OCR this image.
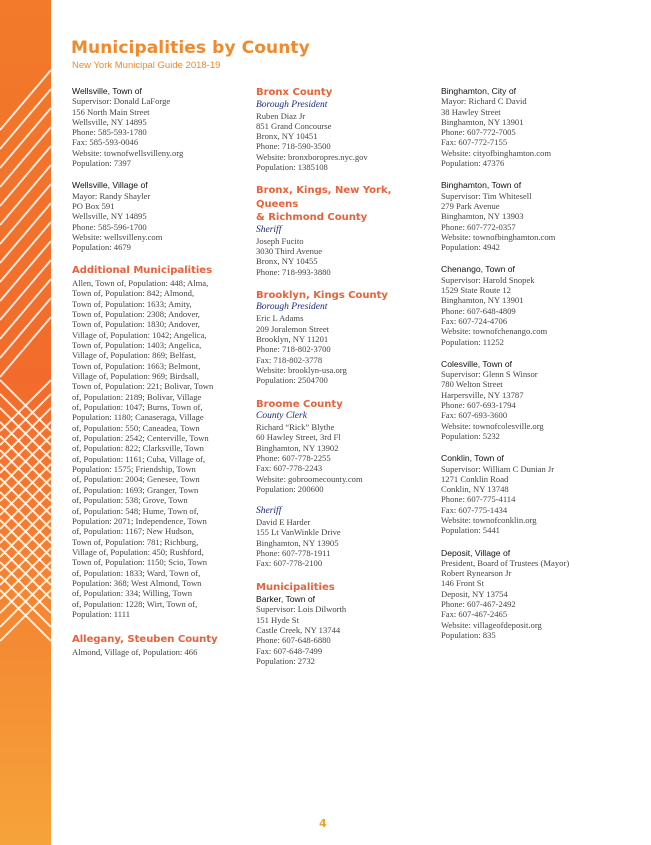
Municipalities by County
New York Municipal Guide 2018-19
Wellsville, Town of
Supervisor: Donald LaForge
156 North Main Street
Wellsville, NY 14895
Phone: 585-593-1780
Fax: 585-593-0046
Website: townofwellsvilleny.org
Population: 7397
Wellsville, Village of
Mayor: Randy Shayler
PO Box 591
Wellsville, NY 14895
Phone: 585-596-1700
Website: wellsvilleny.com
Population: 4679
Additional Municipalities
Allen, Town of, Population: 448; Alma,
Town of, Population: 842; Almond,
Town of, Population: 1633; Amity,
Town of, Population: 2308; Andover,
Town of, Population: 1830; Andover,
Village of, Population: 1042; Angelica,
Town of, Population: 1403; Angelica,
Village of, Population: 869; Belfast,
Town of, Population: 1663; Belmont,
Village of, Population: 969; Birdsall,
Town of, Population: 221; Bolivar, Town
of, Population: 2189; Bolivar, Village
of, Population: 1047; Burns, Town of,
Population: 1180; Canaseraga, Village
of, Population: 550; Caneadea, Town
of, Population: 2542; Centerville, Town
of, Population: 822; Clarksville, Town
of, Population: 1161; Cuba, Village of,
Population: 1575; Friendship, Town
of, Population: 2004; Genesee, Town
of, Population: 1693; Granger, Town
of, Population: 538; Grove, Town
of, Population: 548; Hume, Town of,
Population: 2071; Independence, Town
of, Population: 1167; New Hudson,
Town of, Population: 781; Richburg,
Village of, Population: 450; Rushford,
Town of, Population: 1150; Scio, Town
of, Population: 1833; Ward, Town of,
Population: 368; West Almond, Town
of, Population: 334; Willing, Town
of, Population: 1228; Wirt, Town of,
Population: 1111
Allegany, Steuben County
Almond, Village of, Population: 466
Bronx County
Borough President
Ruben Diaz Jr
851 Grand Concourse
Bronx, NY 10451
Phone: 718-590-3500
Website: bronxboropres.nyc.gov
Population: 1385108
Bronx, Kings, New York, Queens
& Richmond County
Sheriff
Joseph Fucito
3030 Third Avenue
Bronx, NY 10455
Phone: 718-993-3880
Brooklyn, Kings County
Borough President
Eric L Adams
209 Joralemon Street
Brooklyn, NY 11201
Phone: 718-802-3700
Fax: 718-802-3778
Website: brooklyn-usa.org
Population: 2504700
Broome County
County Clerk
Richard “Rick” Blythe
60 Hawley Street, 3rd Fl
Binghamton, NY 13902
Phone: 607-778-2255
Fax: 607-778-2243
Website: gobroomecounty.com
Population: 200600
Sheriff
David E Harder
155 Lt VanWinkle Drive
Binghamton, NY 13905
Phone: 607-778-1911
Fax: 607-778-2100
Municipalities
Barker, Town of
Supervisor: Lois Dilworth
151 Hyde St
Castle Creek, NY 13744
Phone: 607-648-6880
Fax: 607-648-7499
Population: 2732
Binghamton, City of
Mayor: Richard C David
38 Hawley Street
Binghamton, NY 13901
Phone: 607-772-7005
Fax: 607-772-7155
Website: cityofbinghamton.com
Population: 47376
Binghamton, Town of
Supervisor: Tim Whitesell
279 Park Avenue
Binghamton, NY 13903
Phone: 607-772-0357
Website: townofbinghamton.com
Population: 4942
Chenango, Town of
Supervisor: Harold Snopek
1529 State Route 12
Binghamton, NY 13901
Phone: 607-648-4809
Fax: 607-724-4706
Website: townofchenango.com
Population: 11252
Colesville, Town of
Supervisor: Glenn S Winsor
780 Welton Street
Harpersville, NY 13787
Phone: 607-693-1794
Fax: 607-693-3600
Website: townofcolesville.org
Population: 5232
Conklin, Town of
Supervisor: William C Dunian Jr
1271 Conklin Road
Conklin, NY 13748
Phone: 607-775-4114
Fax: 607-775-1434
Website: townofconklin.org
Population: 5441
Deposit, Village of
President, Board of Trustees (Mayor)
Robert Rynearson Jr
146 Front St
Deposit, NY 13754
Phone: 607-467-2492
Fax: 607-467-2465
Website: villageofdeposit.org
Population: 835
4
